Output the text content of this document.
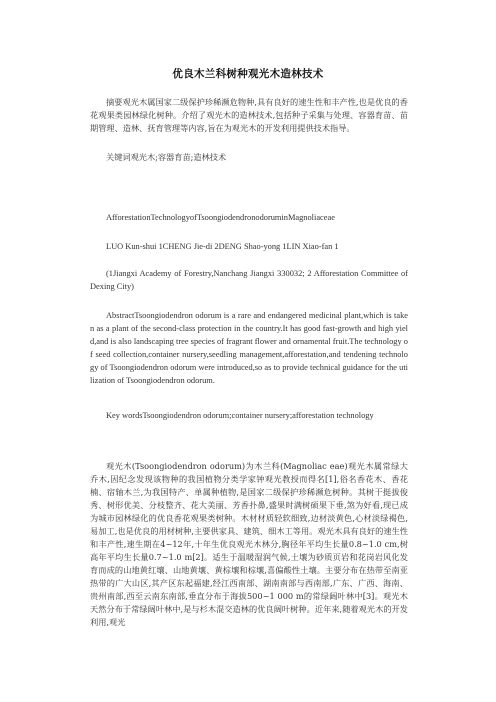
优良木兰科树种观光木造林技术

摘要观光木属国家二级保护珍稀濒危物种,具有良好的速生性和丰产性,也是优良的香花观果类园林绿化树种。介绍了观光木的造林技术,包括种子采集与处理、容器育苗、苗期管理、造林、抚育管理等内容,旨在为观光木的开发利用提供技术指导。

关键词观光木;容器育苗;造林技术

AfforestationTechnologyofTsoongiodendronodoruminMagnoliaceae

LUO Kun-shui 1CHENG Jie-di 2DENG Shao-yong 1LIN Xiao-fan 1

(1Jiangxi Academy of Forestry,Nanchang Jiangxi 330032; 2 Afforestation Committee of Dexing City)

AbstractTsoongiodendron odorum is a rare and endangered medicinal plant,which is taken as a plant of the second-class protection in the country.It has good fast-growth and high yield,and is also landscaping tree species of fragrant flower and ornamental fruit.The technology of seed collection,container nursery,seedling management,afforestation,and tendening technology of Tsoongiodendron odorum were introduced,so as to provide technical guidance for the utilization of Tsoongiodendron odorum.

Key wordsTsoongiodendron odorum;container nursery;afforestation technology

观光木(Tsoongiodendron odorum)为木兰科(Magnoliac eae)观光木属常绿大乔木,因纪念发现该物种的我国植物分类学家钟观光教授而得名[1],俗名香花木、香花楠、宿轴木兰,为我国特产、单属种植物,是国家二级保护珍稀濒危树种。其树干挺拔俊秀、树形优美、分枝整齐、花大美丽、芳香扑鼻,盛果时满树硕果下垂,煞为好看,现已成为城市园林绿化的优良香花观果类树种。木材材质轻软细致,边材淡黄色,心材淡绿褐色,易加工,也是优良的用材树种,主要供家具、建筑、细木工等用。观光木具有良好的速生性和丰产性,速生期在4~12年,十年生优良观光木林分,胸径年平均生长量0.8~1.0 cm,树高年平均生长量0.7~1.0 m[2]。适生于温暖湿润气候,土壤为砂质页岩和花岗岩风化发育而成的山地黄红壤、山地黄壤、黄棕壤和棕壤,喜偏酸性土壤。主要分布在热带至南亚热带的广大山区,其产区东起福建,经江西南部、湖南南部与西南部,广东、广西、海南、贵州南部,西至云南东南部,垂直分布于海拔500~1 000 m的常绿阔叶林中[3]。观光木天然分布于常绿阔叶林中,是与杉木混交造林的优良阔叶树种。近年来,随着观光木的开发利用,观光
